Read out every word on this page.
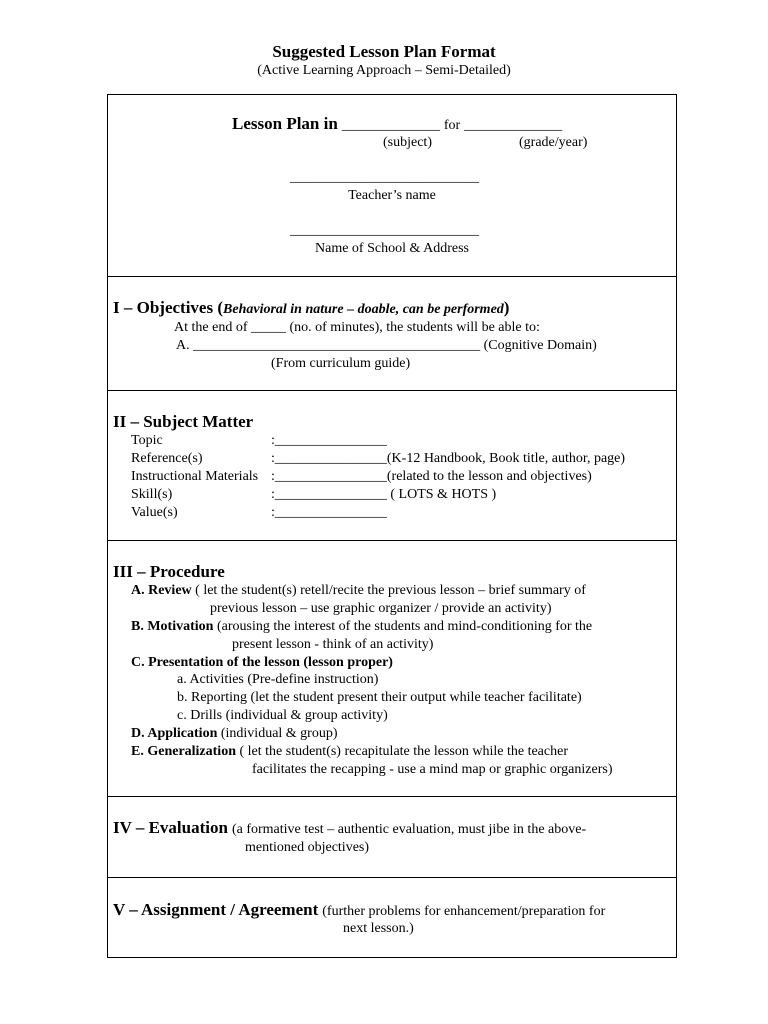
Suggested Lesson Plan Format
(Active Learning Approach – Semi-Detailed)
Lesson Plan in ______________ for ______________
(subject)	(grade/year)
___________________________
Teacher’s name
___________________________
Name of School & Address
I – Objectives (Behavioral in nature – doable, can be performed)
At the end of _____ (no. of minutes), the students will be able to:
A. _________________________________________ (Cognitive Domain)
(From curriculum guide)
II – Subject Matter
Topic	:________________
Reference(s)	:________________(K-12 Handbook, Book title, author, page)
Instructional Materials :________________(related to the lesson and objectives)
Skill(s)	:________________ ( LOTS & HOTS )
Value(s)	:________________
III – Procedure
A. Review ( let the student(s) retell/recite the previous lesson – brief summary of
previous lesson – use graphic organizer / provide an activity)
B. Motivation (arousing the interest of the students and mind-conditioning for the
present lesson - think of an activity)
C. Presentation of the lesson (lesson proper)
a. Activities (Pre-define instruction)
b. Reporting (let the student present their output while teacher facilitate)
c. Drills (individual & group activity)
D. Application (individual & group)
E. Generalization ( let the student(s) recapitulate the lesson while the teacher
facilitates the recapping - use a mind map or graphic organizers)
IV – Evaluation (a formative test – authentic evaluation, must jibe in the above-
mentioned objectives)
V – Assignment / Agreement (further problems for enhancement/preparation for
next lesson.)
